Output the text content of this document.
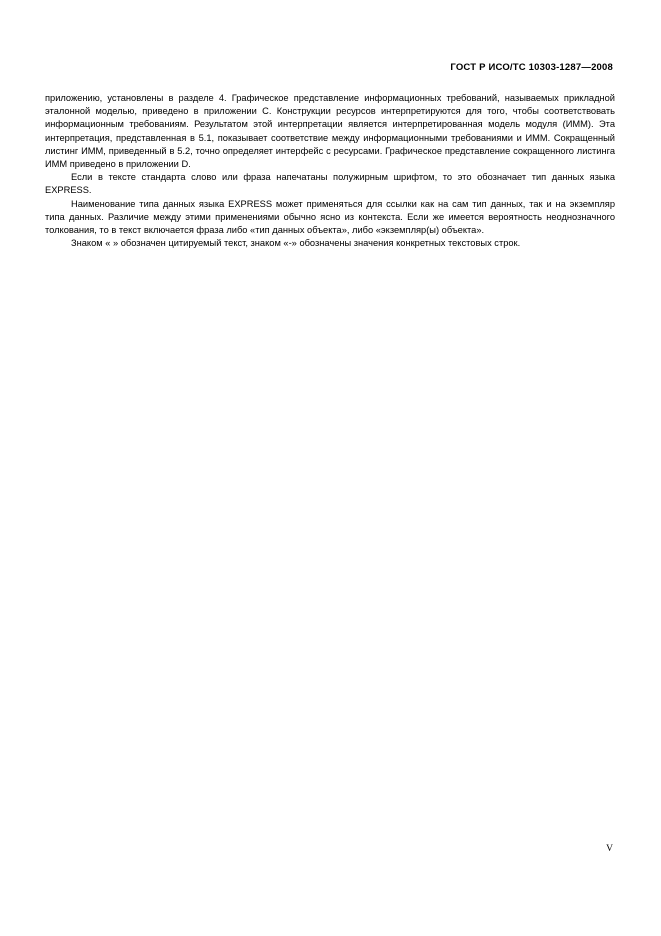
ГОСТ Р ИСО/ТС 10303-1287—2008

приложению, установлены в разделе 4. Графическое представление информационных требований, называемых прикладной эталонной моделью, приведено в приложении C. Конструкции ресурсов интерпретируются для того, чтобы соответствовать информационным требованиям. Результатом этой интерпретации является интерпретированная модель модуля (ИММ). Эта интерпретация, представленная в 5.1, показывает соответствие между информационными требованиями и ИММ. Сокращенный листинг ИММ, приведенный в 5.2, точно определяет интерфейс с ресурсами. Графическое представление сокращенного листинга ИММ приведено в приложении D.

Если в тексте стандарта слово или фраза напечатаны полужирным шрифтом, то это обозначает тип данных языка EXPRESS.

Наименование типа данных языка EXPRESS может применяться для ссылки как на сам тип данных, так и на экземпляр типа данных. Различие между этими применениями обычно ясно из контекста. Если же имеется вероятность неоднозначного толкования, то в текст включается фраза либо «тип данных объекта», либо «экземпляр(ы) объекта».

Знаком « » обозначен цитируемый текст, знаком «-» обозначены значения конкретных текстовых строк.

V
